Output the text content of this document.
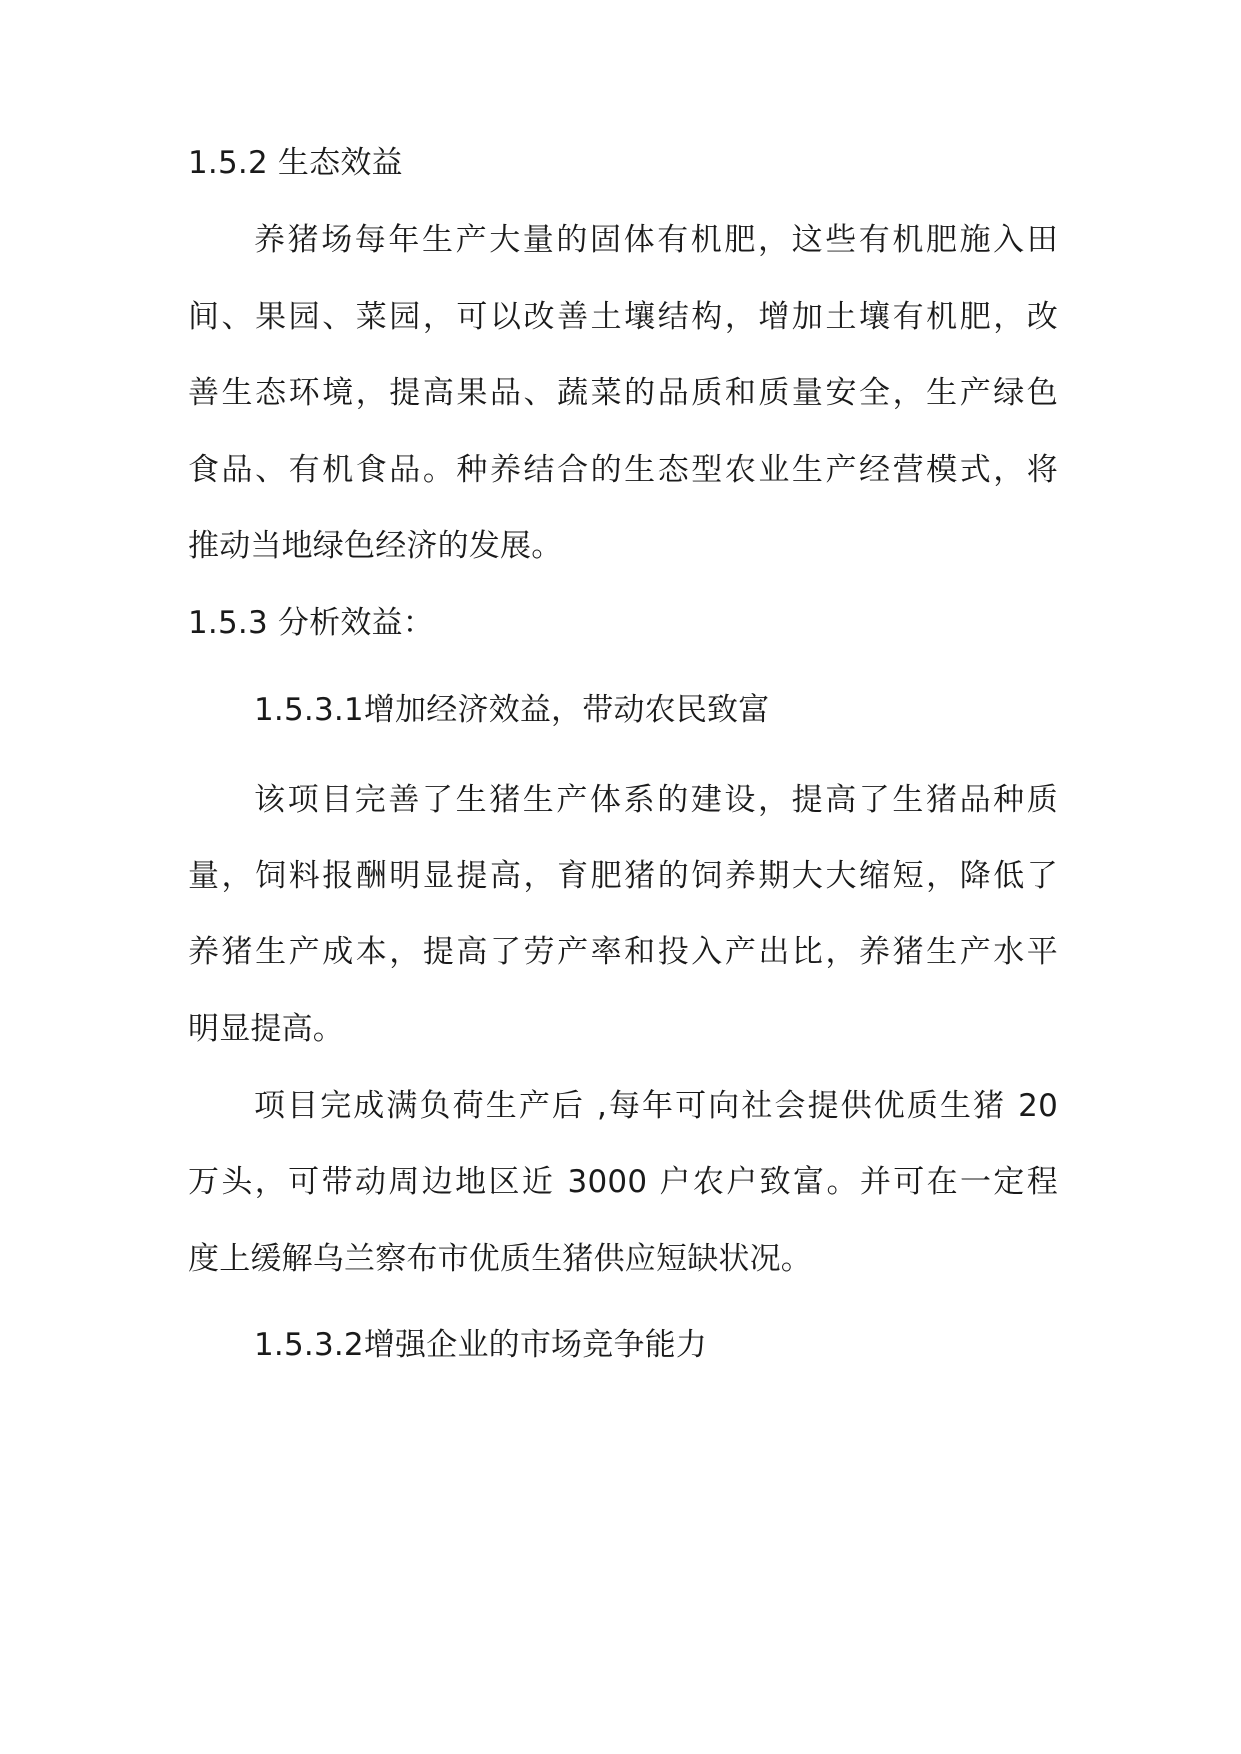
1.5.2 生态效益
养猪场每年生产大量的固体有机肥，这些有机肥施入田
间、果园、菜园，可以改善土壤结构，增加土壤有机肥，改
善生态环境，提高果品、蔬菜的品质和质量安全，生产绿色
食品、有机食品。种养结合的生态型农业生产经营模式，将
推动当地绿色经济的发展。
1.5.3 分析效益：
1.5.3.1增加经济效益，带动农民致富
该项目完善了生猪生产体系的建设，提高了生猪品种质
量，饲料报酬明显提高，育肥猪的饲养期大大缩短，降低了
养猪生产成本，提高了劳产率和投入产出比，养猪生产水平
明显提高。
项目完成满负荷生产后 ,每年可向社会提供优质生猪 20
万头，可带动周边地区近 3000 户农户致富。并可在一定程
度上缓解乌兰察布市优质生猪供应短缺状况。
1.5.3.2增强企业的市场竞争能力
